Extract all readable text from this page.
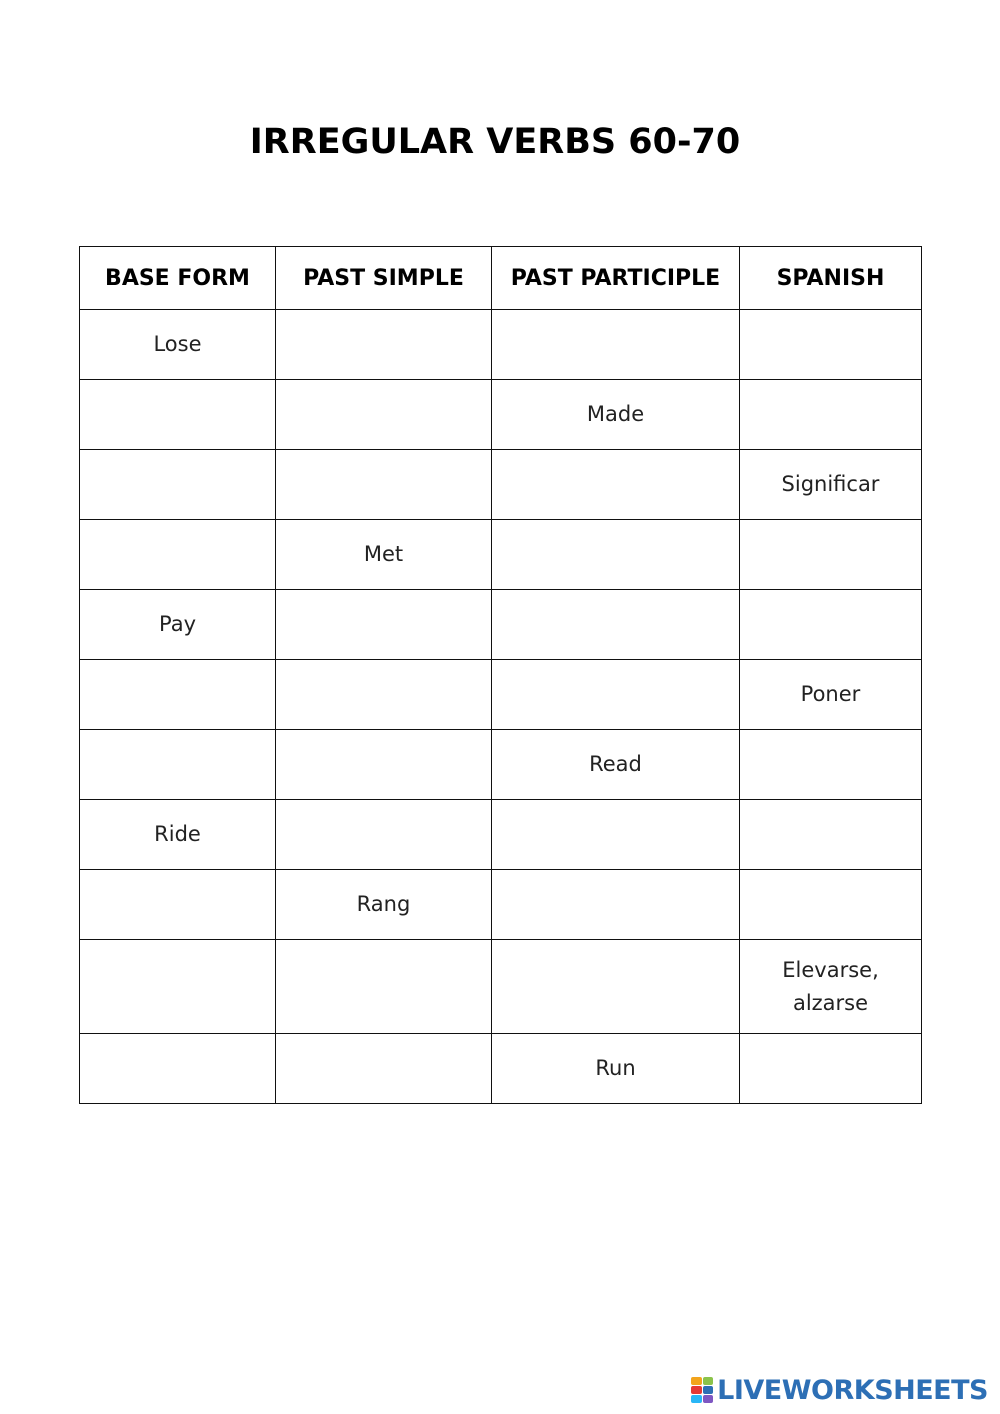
IRREGULAR VERBS 60-70
BASE FORM	PAST SIMPLE	PAST PARTICIPLE	SPANISH
Lose			
		Made	
			Significar
	Met		
Pay			
			Poner
		Read	
Ride			
	Rang		
			Elevarse, alzarse
		Run	
LIVEWORKSHEETS
